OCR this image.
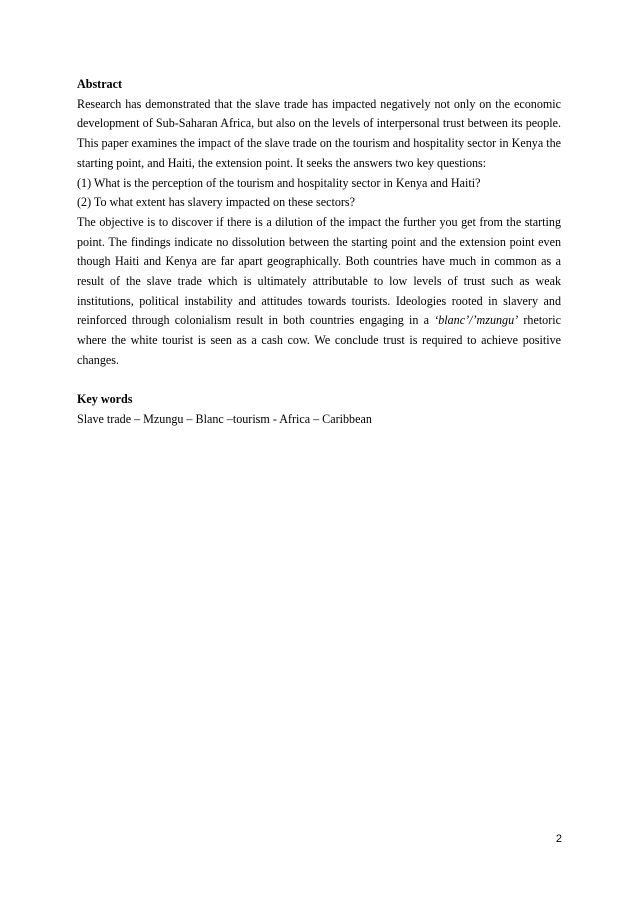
Abstract

Research has demonstrated that the slave trade has impacted negatively not only on the economic development of Sub-Saharan Africa, but also on the levels of interpersonal trust between its people. This paper examines the impact of the slave trade on the tourism and hospitality sector in Kenya the starting point, and Haiti, the extension point. It seeks the answers two key questions:

(1) What is the perception of the tourism and hospitality sector in Kenya and Haiti?

(2) To what extent has slavery impacted on these sectors?

The objective is to discover if there is a dilution of the impact the further you get from the starting point. The findings indicate no dissolution between the starting point and the extension point even though Haiti and Kenya are far apart geographically. Both countries have much in common as a result of the slave trade which is ultimately attributable to low levels of trust such as weak institutions, political instability and attitudes towards tourists. Ideologies rooted in slavery and reinforced through colonialism result in both countries engaging in a ‘blanc’/’mzungu’ rhetoric where the white tourist is seen as a cash cow. We conclude trust is required to achieve positive changes.

Key words

Slave trade – Mzungu – Blanc –tourism - Africa – Caribbean

2
